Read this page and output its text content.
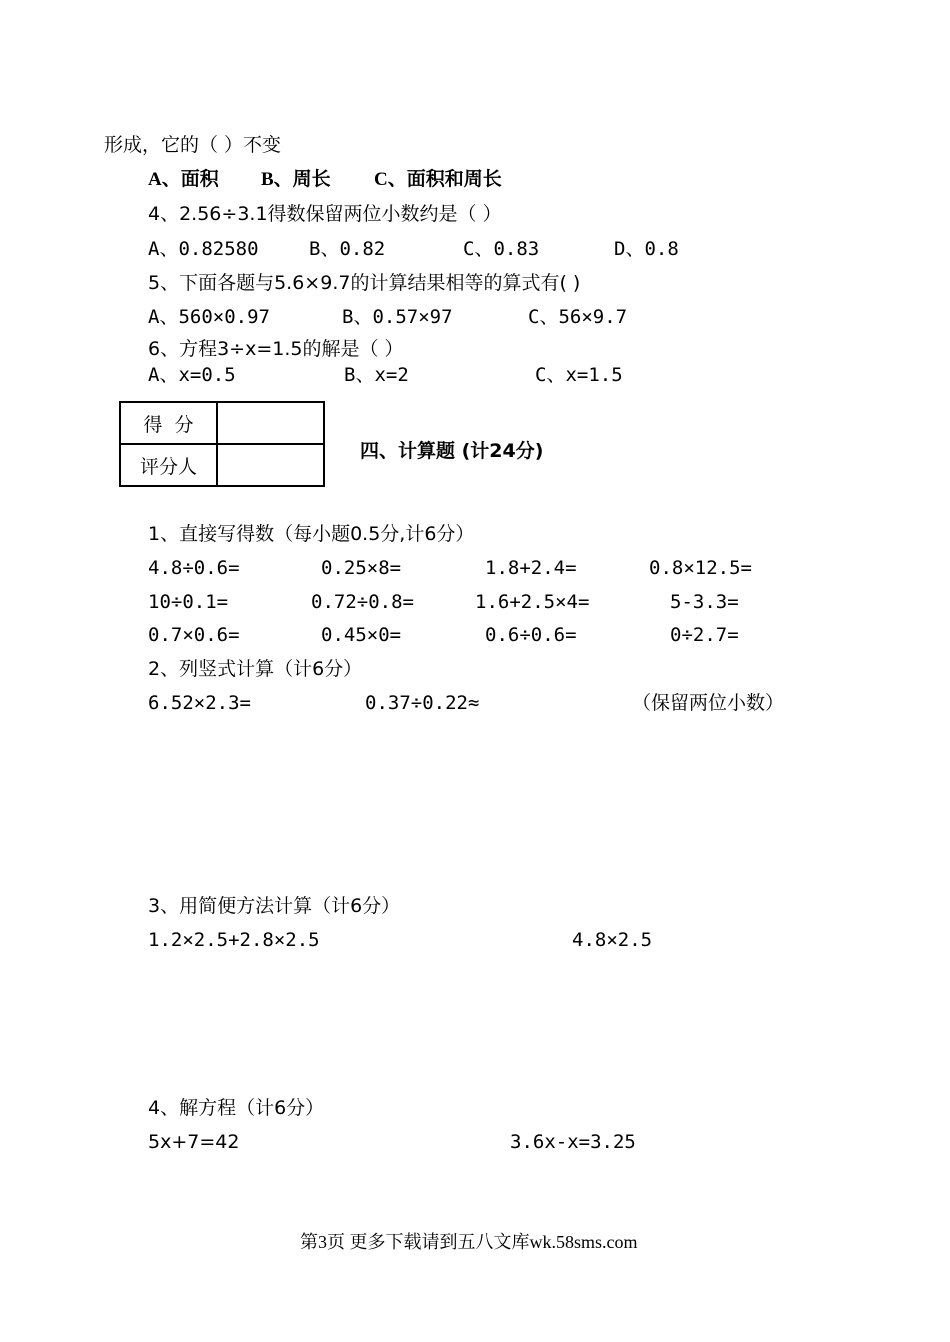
形成，它的（ ）不变
A、面积 B、周长 C、面积和周长
4、2.56÷3.1得数保留两位小数约是（ ）
A、0.82580	B、0.82	C、0.83	D、0.8
5、下面各题与5.6×9.7的计算结果相等的算式有( )
A、560×0.97	B、0.57×97	C、56×9.7
6、方程3÷x=1.5的解是（ ）
A、x=0.5	B、x=2	C、x=1.5
得  分	
评分人	
四、计算题 (计24分)
1、直接写得数（每小题0.5分,计6分）
4.8÷0.6=	0.25×8=	1.8+2.4=	0.8×12.5=
10÷0.1=	0.72÷0.8=	1.6+2.5×4=	5-3.3=
0.7×0.6=	0.45×0=	0.6÷0.6=	0÷2.7=
2、列竖式计算（计6分）
6.52×2.3=	0.37÷0.22≈	（保留两位小数）
3、用简便方法计算（计6分）
1.2×2.5+2.8×2.5	4.8×2.5
4、解方程（计6分）
5x+7=42	3.6x-x=3.25
第3页 更多下载请到五八文库wk.58sms.com
